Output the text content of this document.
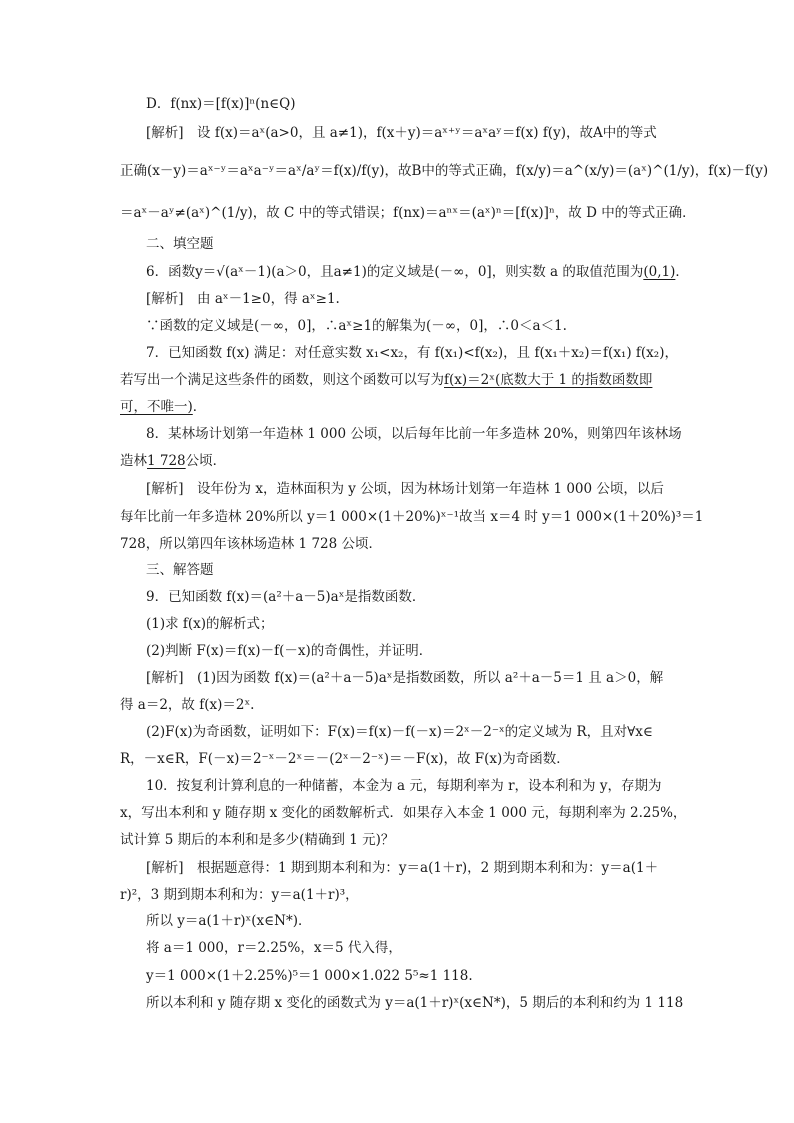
D．f(nx)＝[f(x)]ⁿ(n∈Q)
[解析]　设 f(x)＝aˣ(a>0，且 a≠1)，f(x＋y)＝aˣ⁺ʸ＝aˣaʸ＝f(x) f(y)，故A中的等式
正确(x－y)＝aˣ⁻ʸ＝aˣa⁻ʸ＝aˣ/aʸ＝f(x)/f(y)，故B中的等式正确，f(x/y)＝a^(x/y)＝(aˣ)^(1/y)，f(x)－f(y)
＝aˣ－aʸ≠(aˣ)^(1/y)，故 C 中的等式错误；f(nx)＝aⁿˣ＝(aˣ)ⁿ＝[f(x)]ⁿ，故 D 中的等式正确．
二、填空题
6．函数y＝√(aˣ－1)(a＞0，且a≠1)的定义域是(－∞，0]，则实数 a 的取值范围为(0,1)．
[解析]　由 aˣ－1≥0，得 aˣ≥1.
∵函数的定义域是(－∞，0]，∴aˣ≥1的解集为(－∞，0]，∴0＜a＜1.
7．已知函数 f(x) 满足：对任意实数 x₁<x₂，有 f(x₁)<f(x₂)，且 f(x₁＋x₂)＝f(x₁) f(x₂)，
若写出一个满足这些条件的函数，则这个函数可以写为f(x)＝2ˣ(底数大于 1 的指数函数即
可，不唯一)．
8．某林场计划第一年造林 1 000 公顷，以后每年比前一年多造林 20%，则第四年该林场
造林1 728公顷．
[解析]　设年份为 x，造林面积为 y 公顷，因为林场计划第一年造林 1 000 公顷，以后
每年比前一年多造林 20%所以 y＝1 000×(1＋20%)ˣ⁻¹故当 x＝4 时 y＝1 000×(1＋20%)³＝1
728，所以第四年该林场造林 1 728 公顷．
三、解答题
9．已知函数 f(x)＝(a²＋a－5)aˣ是指数函数．
(1)求 f(x)的解析式；
(2)判断 F(x)＝f(x)－f(－x)的奇偶性，并证明．
[解析]　(1)因为函数 f(x)＝(a²＋a－5)aˣ是指数函数，所以 a²＋a－5＝1 且 a＞0，解
得 a＝2，故 f(x)＝2ˣ.
(2)F(x)为奇函数，证明如下：F(x)＝f(x)－f(－x)＝2ˣ－2⁻ˣ的定义域为 R，且对∀x∈
R，－x∈R，F(－x)＝2⁻ˣ－2ˣ＝－(2ˣ－2⁻ˣ)＝－F(x)，故 F(x)为奇函数．
10．按复利计算利息的一种储蓄，本金为 a 元，每期利率为 r，设本利和为 y，存期为
x，写出本利和 y 随存期 x 变化的函数解析式．如果存入本金 1 000 元，每期利率为 2.25%，
试计算 5 期后的本利和是多少(精确到 1 元)？
[解析]　根据题意得：1 期到期本利和为：y＝a(1＋r)，2 期到期本利和为：y＝a(1＋
r)²，3 期到期本利和为：y＝a(1＋r)³，
所以 y＝a(1＋r)ˣ(x∈N*)．
将 a＝1 000，r＝2.25%，x＝5 代入得，
y＝1 000×(1＋2.25%)⁵＝1 000×1.022 5⁵≈1 118.
所以本利和 y 随存期 x 变化的函数式为 y＝a(1＋r)ˣ(x∈N*)，5 期后的本利和约为 1 118
